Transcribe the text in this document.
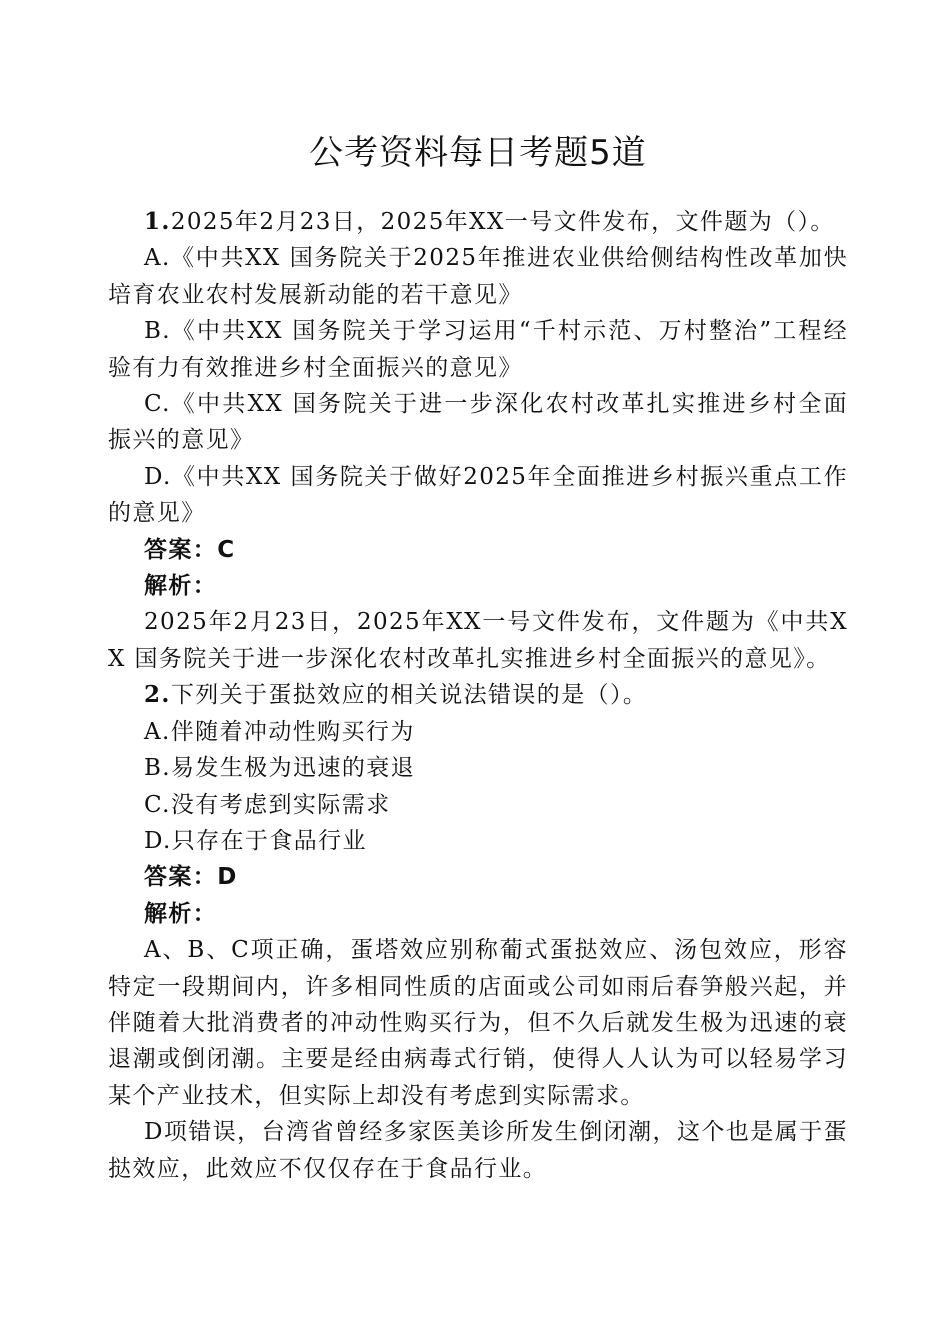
公考资料每日考题5道

1.2025年2月23日，2025年XX一号文件发布，文件题为（）。

A.《中共XX 国务院关于2025年推进农业供给侧结构性改革加快培育农业农村发展新动能的若干意见》

B.《中共XX 国务院关于学习运用“千村示范、万村整治”工程经验有力有效推进乡村全面振兴的意见》

C.《中共XX 国务院关于进一步深化农村改革扎实推进乡村全面振兴的意见》

D.《中共XX 国务院关于做好2025年全面推进乡村振兴重点工作的意见》

答案：C

解析：

2025年2月23日，2025年XX一号文件发布，文件题为《中共XX 国务院关于进一步深化农村改革扎实推进乡村全面振兴的意见》。

2.下列关于蛋挞效应的相关说法错误的是（）。

A.伴随着冲动性购买行为

B.易发生极为迅速的衰退

C.没有考虑到实际需求

D.只存在于食品行业

答案：D

解析：

A、B、C项正确，蛋塔效应别称葡式蛋挞效应、汤包效应，形容特定一段期间内，许多相同性质的店面或公司如雨后春笋般兴起，并伴随着大批消费者的冲动性购买行为，但不久后就发生极为迅速的衰退潮或倒闭潮。主要是经由病毒式行销，使得人人认为可以轻易学习某个产业技术，但实际上却没有考虑到实际需求。

D项错误，台湾省曾经多家医美诊所发生倒闭潮，这个也是属于蛋挞效应，此效应不仅仅存在于食品行业。
